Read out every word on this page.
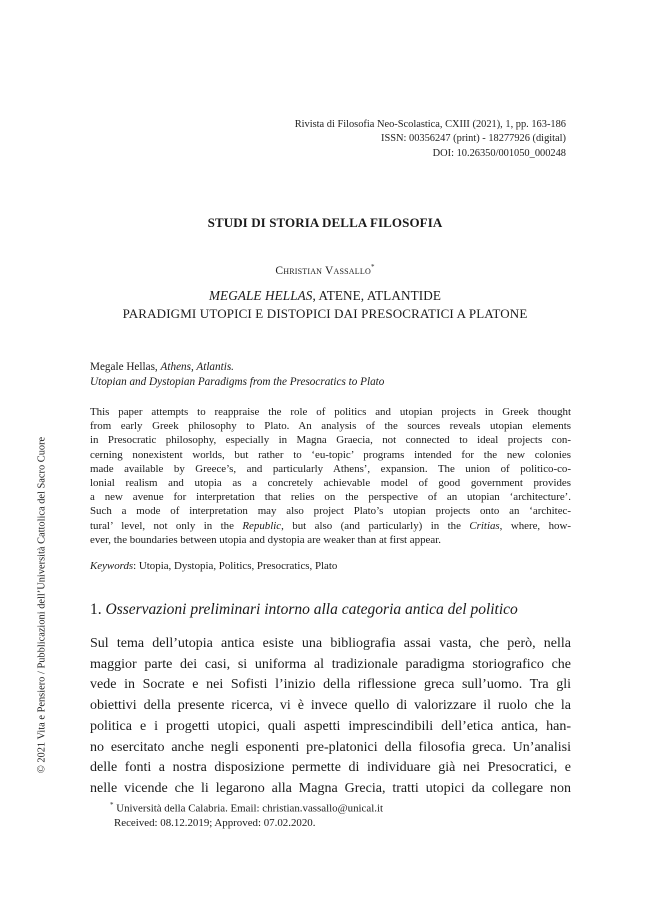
Rivista di Filosofia Neo-Scolastica, CXIII (2021), 1, pp. 163-186
ISSN: 00356247 (print) - 18277926 (digital)
DOI: 10.26350/001050_000248
STUDI DI STORIA DELLA FILOSOFIA
Christian Vassallo*
MEGALE HELLAS, ATENE, ATLANTIDE
PARADIGMI UTOPICI E DISTOPICI DAI PRESOCRATICI A PLATONE
Megale Hellas, Athens, Atlantis.
Utopian and Dystopian Paradigms from the Presocratics to Plato
This paper attempts to reappraise the role of politics and utopian projects in Greek thought
from early Greek philosophy to Plato. An analysis of the sources reveals utopian elements
in Presocratic philosophy, especially in Magna Graecia, not connected to ideal projects con-
cerning nonexistent worlds, but rather to ‘eu-topic’ programs intended for the new colonies
made available by Greece’s, and particularly Athens’, expansion. The union of politico-co-
lonial realism and utopia as a concretely achievable model of good government provides
a new avenue for interpretation that relies on the perspective of an utopian ‘architecture’.
Such a mode of interpretation may also project Plato’s utopian projects onto an ‘architec-
tural’ level, not only in the Republic, but also (and particularly) in the Critias, where, how-
ever, the boundaries between utopia and dystopia are weaker than at first appear.
Keywords: Utopia, Dystopia, Politics, Presocratics, Plato
1. Osservazioni preliminari intorno alla categoria antica del politico
Sul tema dell’utopia antica esiste una bibliografia assai vasta, che però, nella
maggior parte dei casi, si uniforma al tradizionale paradigma storiografico che
vede in Socrate e nei Sofisti l’inizio della riflessione greca sull’uomo. Tra gli
obiettivi della presente ricerca, vi è invece quello di valorizzare il ruolo che la
politica e i progetti utopici, quali aspetti imprescindibili dell’etica antica, han-
no esercitato anche negli esponenti pre-platonici della filosofia greca. Un’analisi
delle fonti a nostra disposizione permette di individuare già nei Presocratici, e
nelle vicende che li legarono alla Magna Grecia, tratti utopici da collegare non
* Università della Calabria. Email: christian.vassallo@unical.it
Received: 08.12.2019; Approved: 07.02.2020.
© 2021 Vita e Pensiero / Pubblicazioni dell’Università Cattolica del Sacro Cuore
